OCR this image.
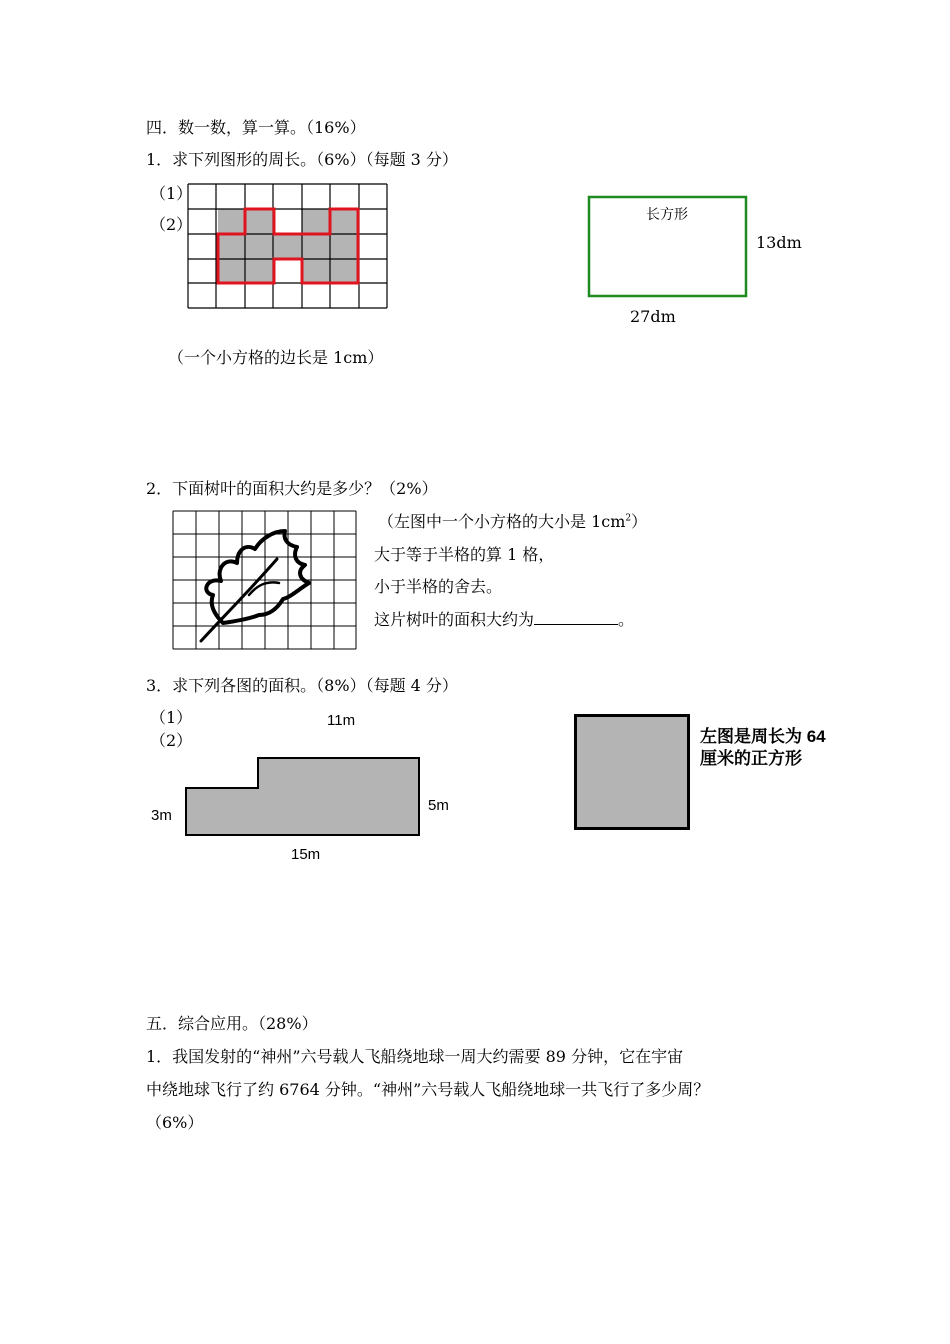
四．数一数，算一算。（16%）
1．求下列图形的周长。（6%）（每题 3 分）
（1）
（2）
长方形
13dm
27dm
（一个小方格的边长是 1cm）
2．下面树叶的面积大约是多少？（2%）
（左图中一个小方格的大小是 $1cm^2$）
大于等于半格的算 1 格，
小于半格的舍去。
这片树叶的面积大约为	。
3．求下列各图的面积。（8%）（每题 4 分）
（1）
（2）
11m
3m
5m
15m
左图是周长为 64
厘米的正方形
五．综合应用。（28%）
1．我国发射的“神州”六号载人飞船绕地球一周大约需要 89 分钟，它在宇宙
中绕地球飞行了约 6764 分钟。“神州”六号载人飞船绕地球一共飞行了多少周？
（6%）
